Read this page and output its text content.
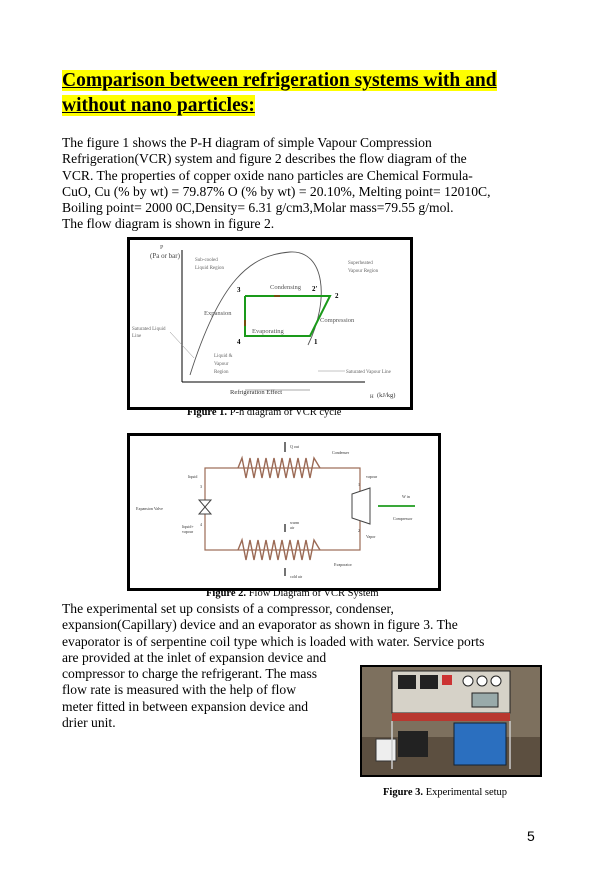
Comparison between refrigeration systems with and
without nano particles:
The figure 1 shows the P-H diagram of simple Vapour Compression
Refrigeration(VCR) system and figure 2 describes the flow diagram of the
VCR. The properties of copper oxide nano particles are Chemical Formula-
CuO, Cu (% by wt) = 79.87% O (% by wt) = 20.10%, Melting point= 12010C,
Boiling point= 2000 0C,Density= 6.31 g/cm3,Molar mass=79.55 g/mol.
The flow diagram is shown in figure 2.
P
(Pa or bar)
Sub-cooled
Liquid Region
Superheated
Vapour Region
Condensing
Compression
Expansion
Evaporating
Saturated Liquid
Line
Liquid &
Vapour
Region	Saturated Vapour Line
Refrigeration Effect
H (kJ/kg)
1
2
2'
3
4
Figure 1. P-h diagram of VCR cycle
Q out
Condenser
vapour
liquid
W in
Compressor
Expansion Valve
liquid+
vapour
warm
air
Vapor
Evaporator
cold air
1
2
3
4
Figure 2. Flow Diagram of VCR System
The experimental set up consists of a compressor, condenser,
expansion(Capillary) device and an evaporator as shown in figure 3. The
evaporator is of serpentine coil type which is loaded with water. Service ports
are provided at the inlet of expansion device and
compressor to charge the refrigerant. The mass
flow rate is measured with the help of flow
meter fitted in between expansion device and
drier unit.
Figure 3. Experimental setup
5
